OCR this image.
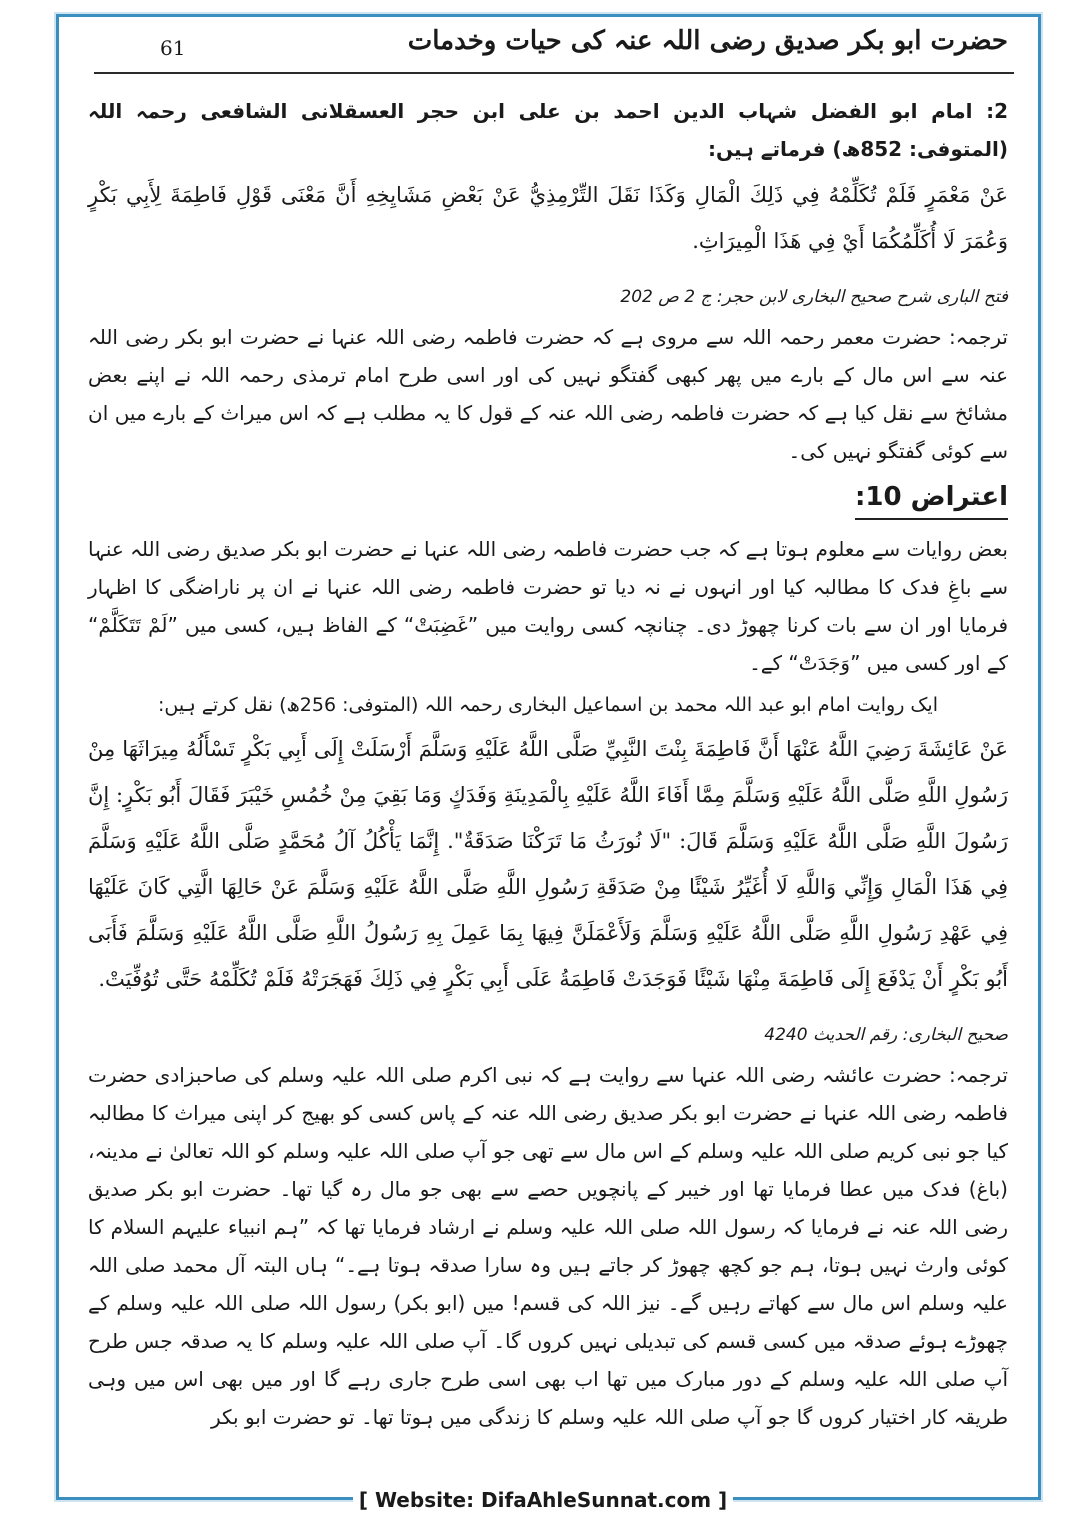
حضرت ابو بکر صدیق رضی اللہ عنہ کی حیات وخدمات
61

2: امام ابو الفضل شہاب الدین احمد بن علی ابن حجر العسقلانی الشافعی رحمہ اللہ (المتوفی: 852ھ) فرماتے ہیں:

عَنْ مَعْمَرٍ فَلَمْ تُكَلِّمْهُ فِي ذَلِكَ الْمَالِ وَكَذَا نَقَلَ التِّرْمِذِيُّ عَنْ بَعْضِ مَشَايِخِهِ أَنَّ مَعْنَى قَوْلِ فَاطِمَةَ لِأَبِي بَكْرٍ وَعُمَرَ لَا أُكَلِّمُكُمَا أَيْ فِي هَذَا الْمِيرَاثِ.

فتح الباری شرح صحیح البخاری لابن حجر: ج 2 ص 202

ترجمہ: حضرت معمر رحمہ اللہ سے مروی ہے کہ حضرت فاطمہ رضی اللہ عنہا نے حضرت ابو بکر رضی اللہ عنہ سے اس مال کے بارے میں پھر کبھی گفتگو نہیں کی اور اسی طرح امام ترمذی رحمہ اللہ نے اپنے بعض مشائخ سے نقل کیا ہے کہ حضرت فاطمہ رضی اللہ عنہ کے قول کا یہ مطلب ہے کہ اس میراث کے بارے میں ان سے کوئی گفتگو نہیں کی۔

اعتراض 10:

بعض روایات سے معلوم ہوتا ہے کہ جب حضرت فاطمہ رضی اللہ عنہا نے حضرت ابو بکر صدیق رضی اللہ عنہا سے باغِ فدک کا مطالبہ کیا اور انہوں نے نہ دیا تو حضرت فاطمہ رضی اللہ عنہا نے ان پر ناراضگی کا اظہار فرمایا اور ان سے بات کرنا چھوڑ دی۔ چنانچہ کسی روایت میں ”غَضِبَتْ“ کے الفاظ ہیں، کسی میں ”لَمْ تَتَكَلَّمْ“ کے اور کسی میں ”وَجَدَتْ“ کے۔

ایک روایت امام ابو عبد اللہ محمد بن اسماعیل البخاری رحمہ اللہ (المتوفی: 256ھ) نقل کرتے ہیں:

عَنْ عَائِشَةَ رَضِيَ اللَّهُ عَنْهَا أَنَّ فَاطِمَةَ بِنْتَ النَّبِيِّ صَلَّى اللَّهُ عَلَيْهِ وَسَلَّمَ أَرْسَلَتْ إِلَى أَبِي بَكْرٍ تَسْأَلُهُ مِيرَاثَهَا مِنْ رَسُولِ اللَّهِ صَلَّى اللَّهُ عَلَيْهِ وَسَلَّمَ مِمَّا أَفَاءَ اللَّهُ عَلَيْهِ بِالْمَدِينَةِ وَفَدَكٍ وَمَا بَقِيَ مِنْ خُمُسِ خَيْبَرَ فَقَالَ أَبُو بَكْرٍ: إِنَّ رَسُولَ اللَّهِ صَلَّى اللَّهُ عَلَيْهِ وَسَلَّمَ قَالَ: "لَا نُورَثُ مَا تَرَكْنَا صَدَقَةٌ". إِنَّمَا يَأْكُلُ آلُ مُحَمَّدٍ صَلَّى اللَّهُ عَلَيْهِ وَسَلَّمَ فِي هَذَا الْمَالِ وَإِنِّي وَاللَّهِ لَا أُغَيِّرُ شَيْئًا مِنْ صَدَقَةِ رَسُولِ اللَّهِ صَلَّى اللَّهُ عَلَيْهِ وَسَلَّمَ عَنْ حَالِهَا الَّتِي كَانَ عَلَيْهَا فِي عَهْدِ رَسُولِ اللَّهِ صَلَّى اللَّهُ عَلَيْهِ وَسَلَّمَ وَلَأَعْمَلَنَّ فِيهَا بِمَا عَمِلَ بِهِ رَسُولُ اللَّهِ صَلَّى اللَّهُ عَلَيْهِ وَسَلَّمَ فَأَبَى أَبُو بَكْرٍ أَنْ يَدْفَعَ إِلَى فَاطِمَةَ مِنْهَا شَيْئًا فَوَجَدَتْ فَاطِمَةُ عَلَى أَبِي بَكْرٍ فِي ذَلِكَ فَهَجَرَتْهُ فَلَمْ تُكَلِّمْهُ حَتَّى تُوُفِّيَتْ.

صحیح البخاری: رقم الحدیث 4240

ترجمہ: حضرت عائشہ رضی اللہ عنہا سے روایت ہے کہ نبی اکرم صلی اللہ علیہ وسلم کی صاحبزادی حضرت فاطمہ رضی اللہ عنہا نے حضرت ابو بکر صدیق رضی اللہ عنہ کے پاس کسی کو بھیج کر اپنی میراث کا مطالبہ کیا جو نبی کریم صلی اللہ علیہ وسلم کے اس مال سے تھی جو آپ صلی اللہ علیہ وسلم کو اللہ تعالیٰ نے مدینہ، (باغ) فدک میں عطا فرمایا تھا اور خیبر کے پانچویں حصے سے بھی جو مال رہ گیا تھا۔ حضرت ابو بکر صدیق رضی اللہ عنہ نے فرمایا کہ رسول اللہ صلی اللہ علیہ وسلم نے ارشاد فرمایا تھا کہ ”ہم انبیاء علیہم السلام کا کوئی وارث نہیں ہوتا، ہم جو کچھ چھوڑ کر جاتے ہیں وہ سارا صدقہ ہوتا ہے۔“ ہاں البتہ آل محمد صلی اللہ علیہ وسلم اس مال سے کھاتے رہیں گے۔ نیز اللہ کی قسم! میں (ابو بکر) رسول اللہ صلی اللہ علیہ وسلم کے چھوڑے ہوئے صدقہ میں کسی قسم کی تبدیلی نہیں کروں گا۔ آپ صلی اللہ علیہ وسلم کا یہ صدقہ جس طرح آپ صلی اللہ علیہ وسلم کے دور مبارک میں تھا اب بھی اسی طرح جاری رہے گا اور میں بھی اس میں وہی طریقہ کار اختیار کروں گا جو آپ صلی اللہ علیہ وسلم کا زندگی میں ہوتا تھا۔ تو حضرت ابو بکر

[ Website: DifaAhleSunnat.com ]
